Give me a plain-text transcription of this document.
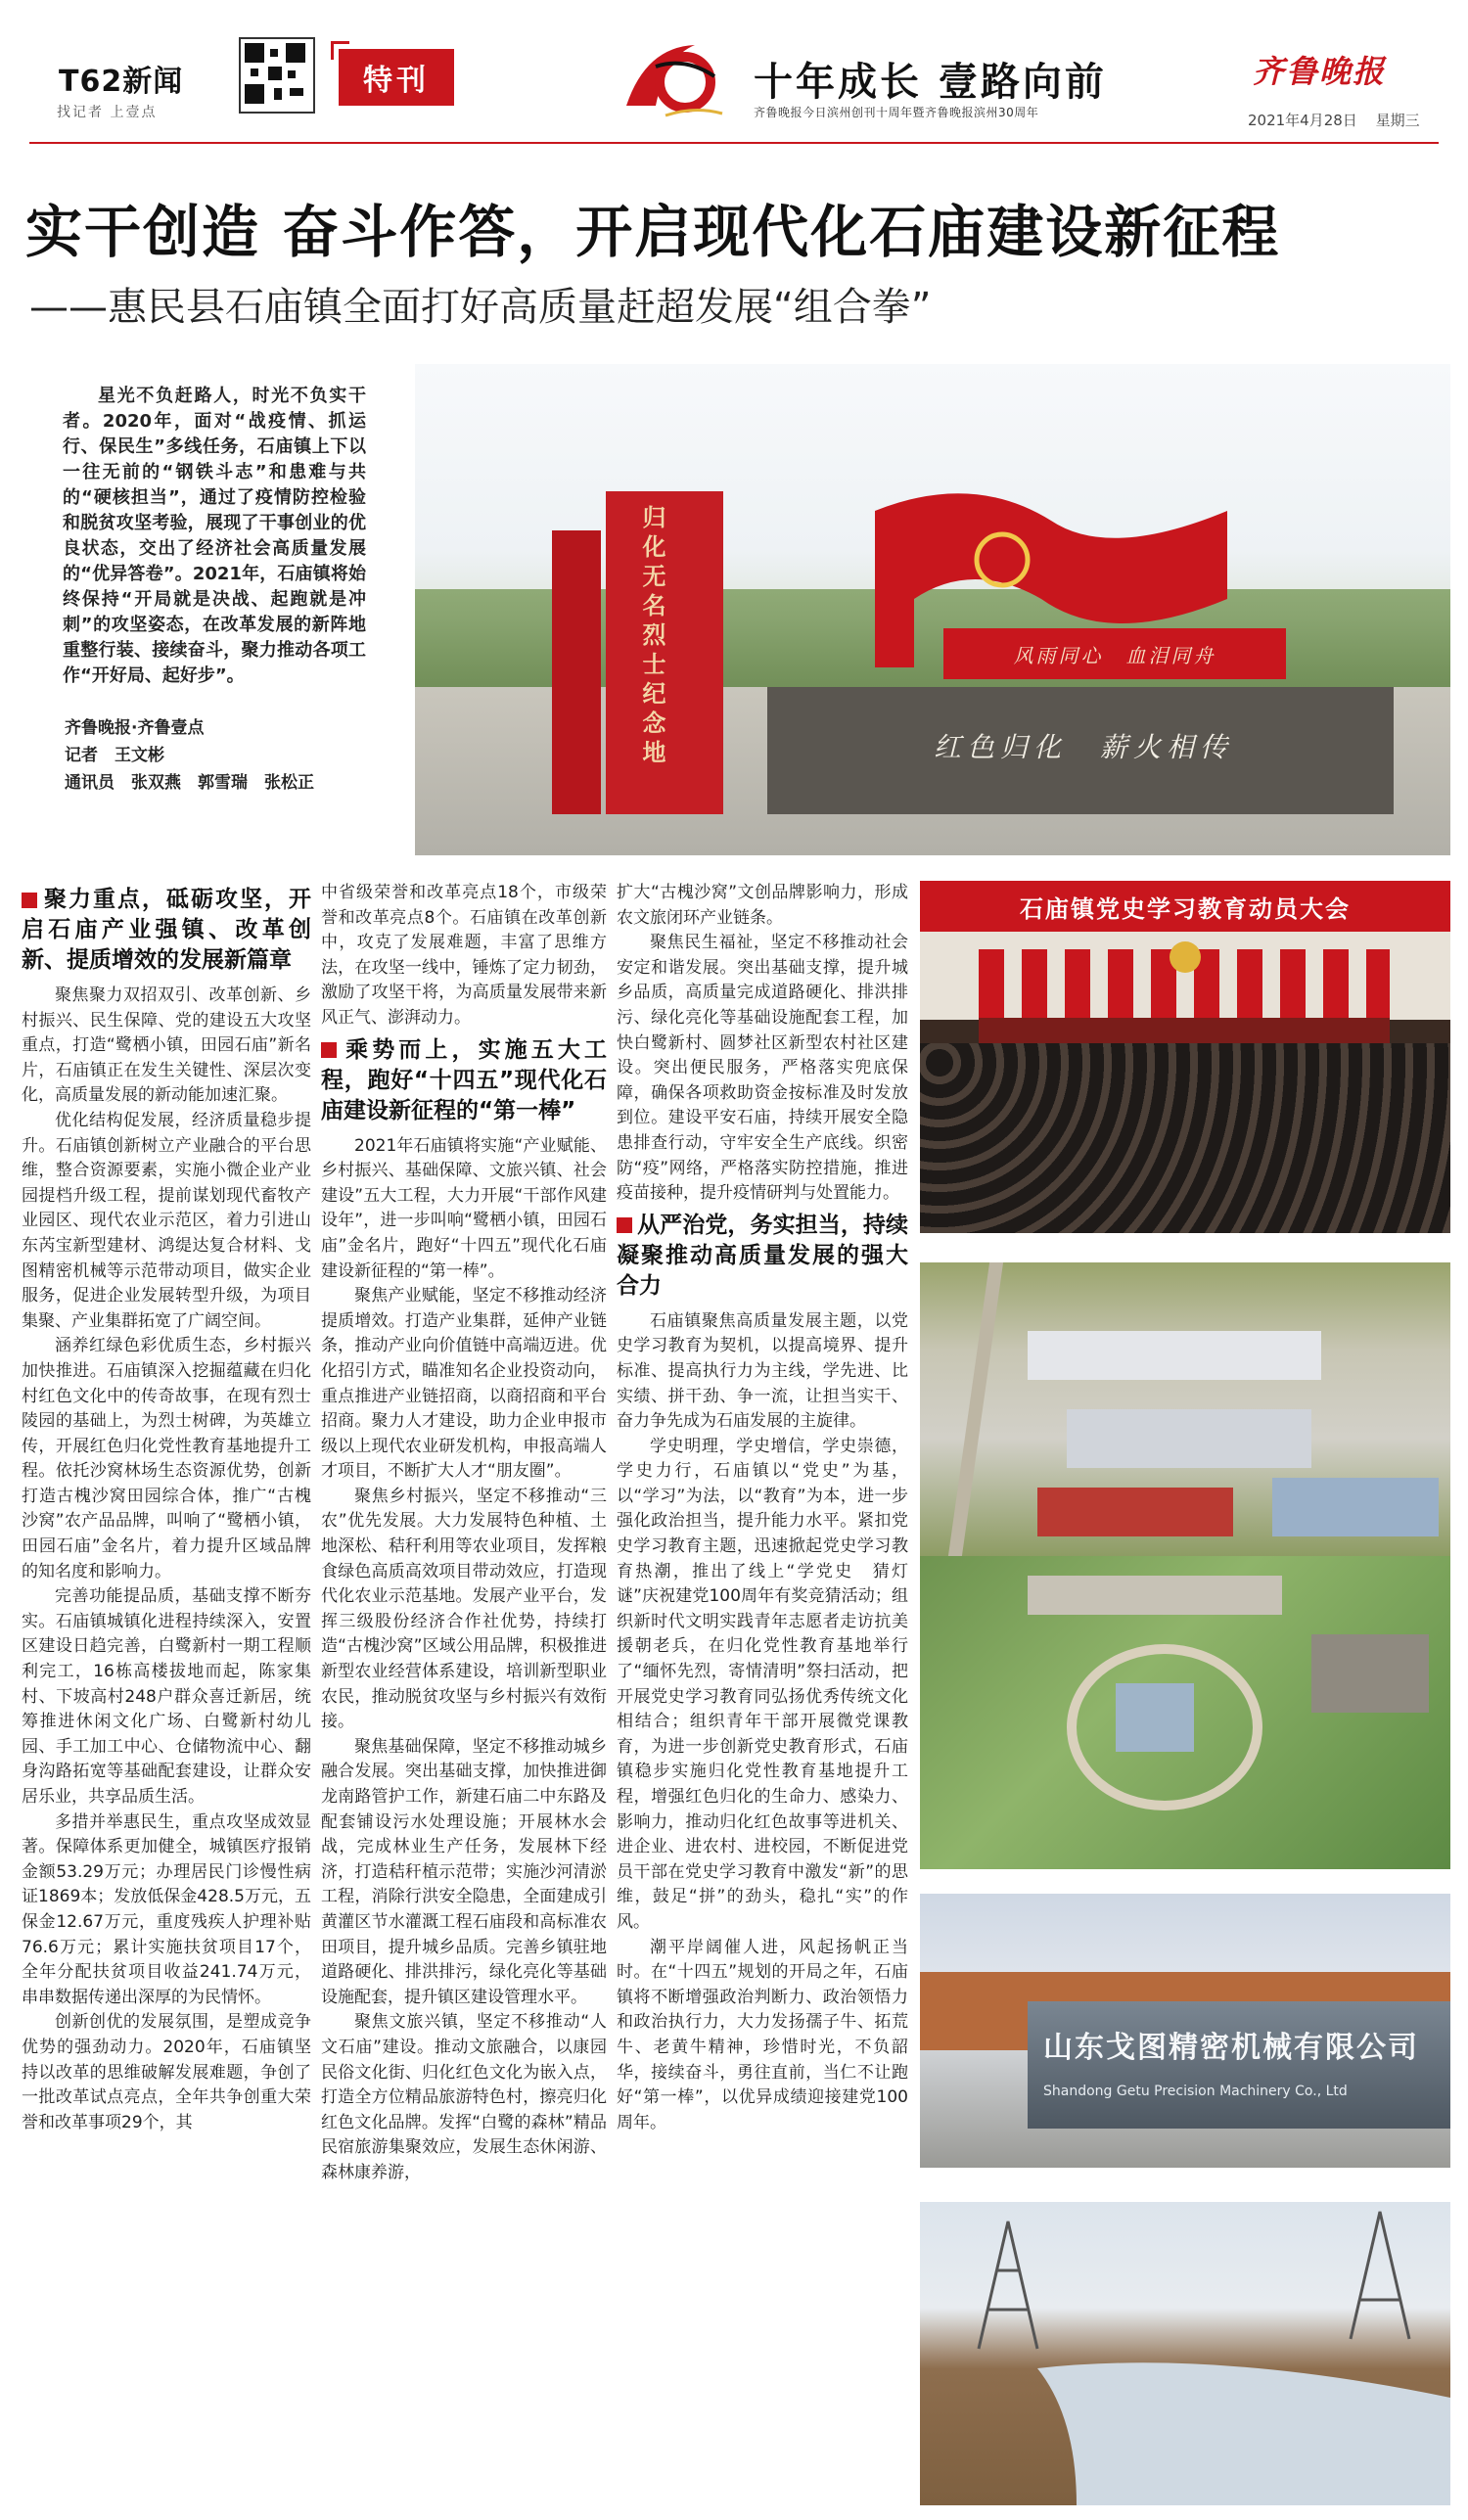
T62新闻
找记者 上壹点
特刊	十年成长 壹路向前
齐鲁晚报今日滨州创刊十周年暨齐鲁晚报滨州30周年
齐鲁晚报
2021年4月28日 星期三
实干创造 奋斗作答，开启现代化石庙建设新征程
——惠民县石庙镇全面打好高质量赶超发展“组合拳”
星光不负赶路人，时光不负实干者。2020年，面对“战疫情、抓运行、保民生”多线任务，石庙镇上下以一往无前的“钢铁斗志”和患难与共的“硬核担当”，通过了疫情防控检验和脱贫攻坚考验，展现了干事创业的优良状态，交出了经济社会高质量发展的“优异答卷”。2021年，石庙镇将始终保持“开局就是决战、起跑就是冲刺”的攻坚姿态，在改革发展的新阵地重整行装、接续奋斗，聚力推动各项工作“开好局、起好步”。
齐鲁晚报·齐鲁壹点
记者　王文彬
通讯员　张双燕　郭雪瑞　张松正
归化无名烈士纪念地	红色归化　薪火相传
风雨同心　血泪同舟
聚力重点，砥砺攻坚，开启石庙产业强镇、改革创新、提质增效的发展新篇章

聚焦聚力双招双引、改革创新、乡村振兴、民生保障、党的建设五大攻坚重点，打造“鹭栖小镇，田园石庙”新名片，石庙镇正在发生关键性、深层次变化，高质量发展的新动能加速汇聚。

优化结构促发展，经济质量稳步提升。石庙镇创新树立产业融合的平台思维，整合资源要素，实施小微企业产业园提档升级工程，提前谋划现代畜牧产业园区、现代农业示范区，着力引进山东芮宝新型建材、鸿缇达复合材料、戈图精密机械等示范带动项目，做实企业服务，促进企业发展转型升级，为项目集聚、产业集群拓宽了广阔空间。

涵养红绿色彩优质生态，乡村振兴加快推进。石庙镇深入挖掘蕴藏在归化村红色文化中的传奇故事，在现有烈士陵园的基础上，为烈士树碑，为英雄立传，开展红色归化党性教育基地提升工程。依托沙窝林场生态资源优势，创新打造古槐沙窝田园综合体，推广“古槐沙窝”农产品品牌，叫响了“鹭栖小镇，田园石庙”金名片，着力提升区域品牌的知名度和影响力。

完善功能提品质，基础支撑不断夯实。石庙镇城镇化进程持续深入，安置区建设日趋完善，白鹭新村一期工程顺利完工，16栋高楼拔地而起，陈家集村、下坡高村248户群众喜迁新居，统筹推进休闲文化广场、白鹭新村幼儿园、手工加工中心、仓储物流中心、翻身沟路拓宽等基础配套建设，让群众安居乐业，共享品质生活。

多措并举惠民生，重点攻坚成效显著。保障体系更加健全，城镇医疗报销金额53.29万元；办理居民门诊慢性病证1869本；发放低保金428.5万元，五保金12.67万元，重度残疾人护理补贴76.6万元；累计实施扶贫项目17个，全年分配扶贫项目收益241.74万元，串串数据传递出深厚的为民情怀。

创新创优的发展氛围，是塑成竞争优势的强劲动力。2020年，石庙镇坚持以改革的思维破解发展难题，争创了一批改革试点亮点，全年共争创重大荣誉和改革事项29个，其

中省级荣誉和改革亮点18个，市级荣誉和改革亮点8个。石庙镇在改革创新中，攻克了发展难题，丰富了思维方法，在攻坚一线中，锤炼了定力韧劲，激励了攻坚干将，为高质量发展带来新风正气、澎湃动力。

乘势而上，实施五大工程，跑好“十四五”现代化石庙建设新征程的“第一棒”

2021年石庙镇将实施“产业赋能、乡村振兴、基础保障、文旅兴镇、社会建设”五大工程，大力开展“干部作风建设年”，进一步叫响“鹭栖小镇，田园石庙”金名片，跑好“十四五”现代化石庙建设新征程的“第一棒”。

聚焦产业赋能，坚定不移推动经济提质增效。打造产业集群，延伸产业链条，推动产业向价值链中高端迈进。优化招引方式，瞄准知名企业投资动向，重点推进产业链招商，以商招商和平台招商。聚力人才建设，助力企业申报市级以上现代农业研发机构，申报高端人才项目，不断扩大人才“朋友圈”。

聚焦乡村振兴，坚定不移推动“三农”优先发展。大力发展特色种植、土地深松、秸秆利用等农业项目，发挥粮食绿色高质高效项目带动效应，打造现代化农业示范基地。发展产业平台，发挥三级股份经济合作社优势，持续打造“古槐沙窝”区域公用品牌，积极推进新型农业经营体系建设，培训新型职业农民，推动脱贫攻坚与乡村振兴有效衔接。

聚焦基础保障，坚定不移推动城乡融合发展。突出基础支撑，加快推进御龙南路管护工作，新建石庙二中东路及配套铺设污水处理设施；开展林水会战，完成林业生产任务，发展林下经济，打造秸秆植示范带；实施沙河清淤工程，消除行洪安全隐患，全面建成引黄灌区节水灌溉工程石庙段和高标准农田项目，提升城乡品质。完善乡镇驻地道路硬化、排洪排污，绿化亮化等基础设施配套，提升镇区建设管理水平。

聚焦文旅兴镇，坚定不移推动“人文石庙”建设。推动文旅融合，以康园民俗文化街、归化红色文化为嵌入点，打造全方位精品旅游特色村，擦亮归化红色文化品牌。发挥“白鹭的森林”精品民宿旅游集聚效应，发展生态休闲游、森林康养游，

扩大“古槐沙窝”文创品牌影响力，形成农文旅闭环产业链条。

聚焦民生福祉，坚定不移推动社会安定和谐发展。突出基础支撑，提升城乡品质，高质量完成道路硬化、排洪排污、绿化亮化等基础设施配套工程，加快白鹭新村、圆梦社区新型农村社区建设。突出便民服务，严格落实兜底保障，确保各项救助资金按标准及时发放到位。建设平安石庙，持续开展安全隐患排查行动，守牢安全生产底线。织密防“疫”网络，严格落实防控措施，推进疫苗接种，提升疫情研判与处置能力。

从严治党，务实担当，持续凝聚推动高质量发展的强大合力

石庙镇聚焦高质量发展主题，以党史学习教育为契机，以提高境界、提升标准、提高执行力为主线，学先进、比实绩、拼干劲、争一流，让担当实干、奋力争先成为石庙发展的主旋律。

学史明理，学史增信，学史崇德，学史力行，石庙镇以“党史”为基，以“学习”为法，以“教育”为本，进一步强化政治担当，提升能力水平。紧扣党史学习教育主题，迅速掀起党史学习教育热潮，推出了线上“学党史　猜灯谜”庆祝建党100周年有奖竞猜活动；组织新时代文明实践青年志愿者走访抗美援朝老兵，在归化党性教育基地举行了“缅怀先烈，寄情清明”祭扫活动，把开展党史学习教育同弘扬优秀传统文化相结合；组织青年干部开展微党课教育，为进一步创新党史教育形式，石庙镇稳步实施归化党性教育基地提升工程，增强红色归化的生命力、感染力、影响力，推动归化红色故事等进机关、进企业、进农村、进校园，不断促进党员干部在党史学习教育中激发“新”的思维，鼓足“拼”的劲头，稳扎“实”的作风。

潮平岸阔催人进，风起扬帆正当时。在“十四五”规划的开局之年，石庙镇将不断增强政治判断力、政治领悟力和政治执行力，大力发扬孺子牛、拓荒牛、老黄牛精神，珍惜时光，不负韶华，接续奋斗，勇往直前，当仁不让跑好“第一棒”，以优异成绩迎接建党100周年。

石庙镇党史学习教育动员大会
山东戈图精密机械有限公司
Shandong Getu Precision Machinery Co., Ltd
